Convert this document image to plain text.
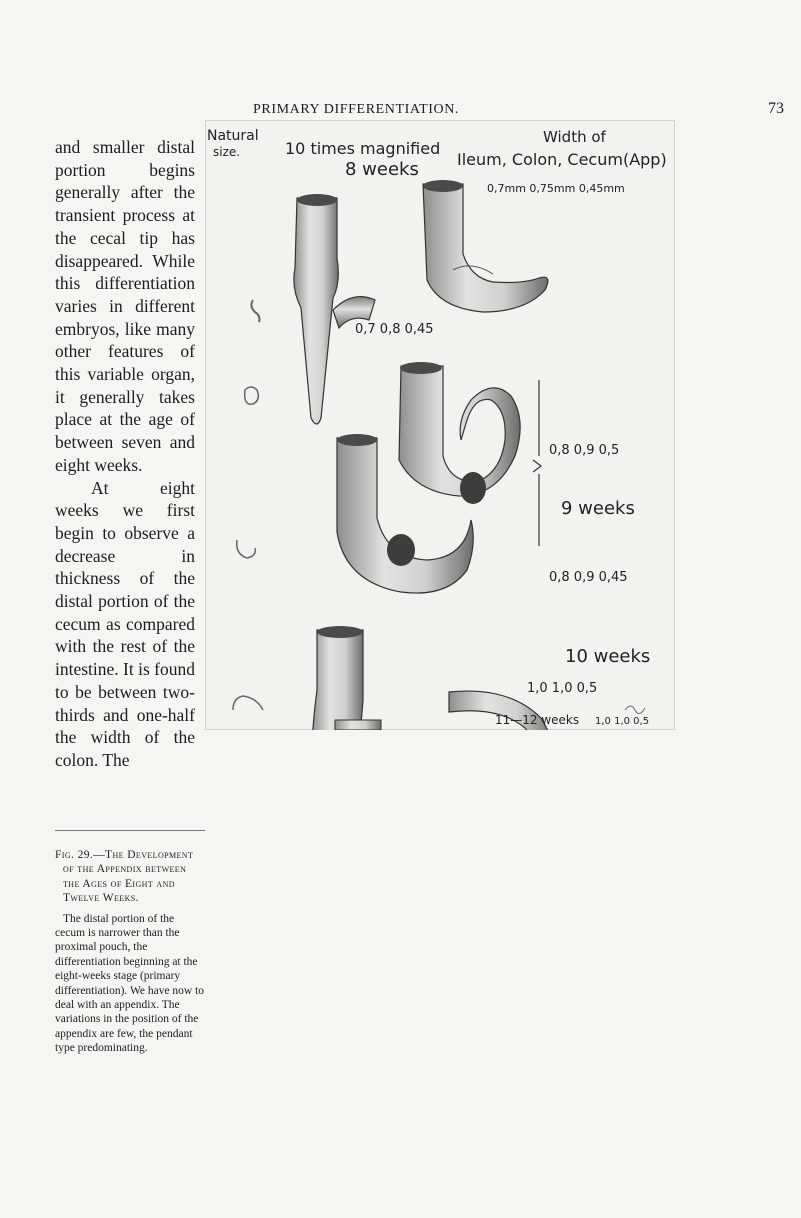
PRIMARY DIFFERENTIATION.	73

and smaller distal portion begins generally after the transient process at the cecal tip has disappeared. While this differentiation varies in different embryos, like many other features of this variable organ, it generally takes place at the age of between seven and eight weeks.

At eight weeks we first begin to observe a decrease in thickness of the distal portion of the cecum as compared with the rest of the intestine. It is found to be between two-thirds and one-half the width of the colon. The

Fig. 29.—The Development of the Appendix between the Ages of Eight and Twelve Weeks.

The distal portion of the cecum is narrower than the proximal pouch, the differentiation beginning at the eight-weeks stage (primary differentiation). We have now to deal with an appendix. The variations in the position of the appendix are few, the pendant type predominating.

Natural
size.	10 times magnified
Width of
Ileum, Colon, Cecum(App)
8 weeks
0,7mm 0,75mm 0,45mm
0,7 0,8 0,45
0,8 0,9 0,5
9 weeks
0,8 0,9 0,45
10 weeks
1,0 1,0 0,5
11—12 weeks 1,0 1,0 0,5
